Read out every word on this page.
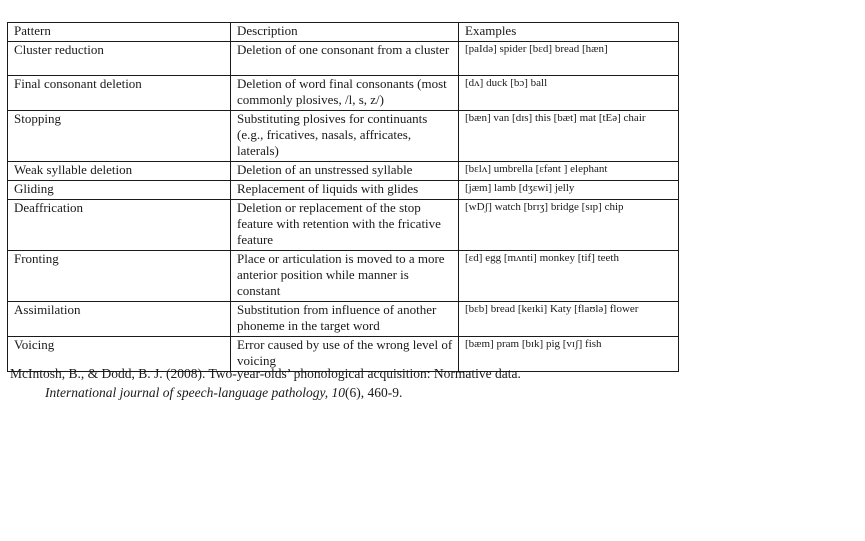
Pattern	Description	Examples
Cluster reduction	Deletion of one consonant from a cluster	[paIdə] spider [bɛd] bread [hæn]
Final consonant deletion	Deletion of word final consonants (most commonly plosives, /l, s, z/)	[dʌ] duck [bɔ] ball
Stopping	Substituting plosives for continuants (e.g., fricatives, nasals, affricates, laterals)	[bæn] van [dɪs] this [bæt] mat [tEə] chair
Weak syllable deletion	Deletion of an unstressed syllable	[bɛlʌ] umbrella [ɛfənt ] elephant
Gliding	Replacement of liquids with glides	[jæm] lamb [dʒɛwi] jelly
Deaffrication	Deletion or replacement of the stop feature with retention with the fricative feature	[wDʃ] watch [brɪʒ] bridge [sɪp] chip
Fronting	Place or articulation is moved to a more anterior position while manner is constant	[ɛd] egg [mʌnti] monkey [tif] teeth
Assimilation	Substitution from influence of another phoneme in the target word	[bɛb] bread [keɪki] Katy [flaʊlə] flower
Voicing	Error caused by use of the wrong level of voicing	[bæm] pram [bɪk] pig [vɪʃ] fish
McIntosh, B., & Dodd, B. J. (2008). Two-year-olds’ phonological acquisition: Normative data.
International journal of speech-language pathology, 10(6), 460-9.
